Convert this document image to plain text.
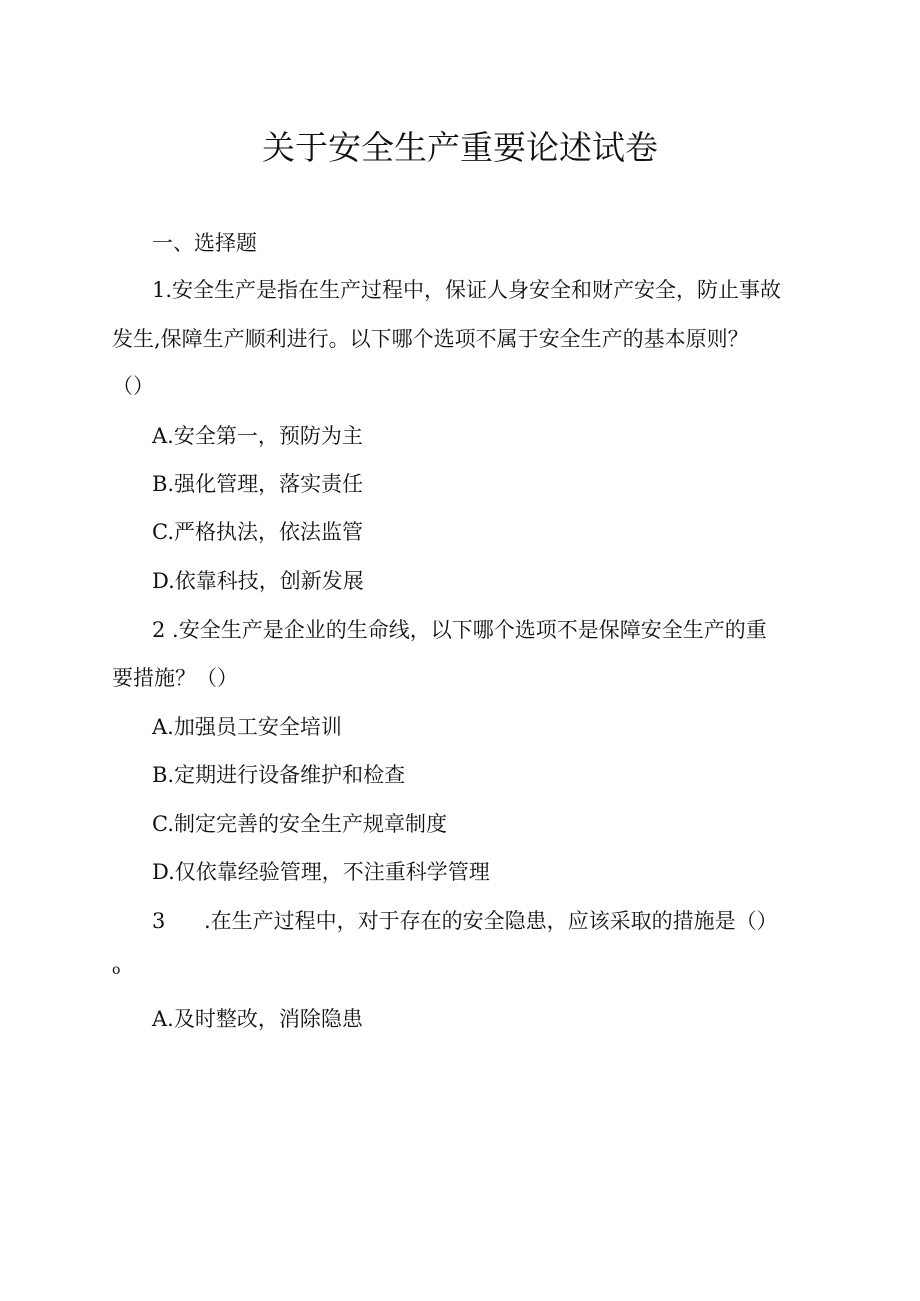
关于安全生产重要论述试卷

一、选择题

1.安全生产是指在生产过程中，保证人身安全和财产安全，防止事故

发生,保障生产顺利进行。以下哪个选项不属于安全生产的基本原则？

（）

A.安全第一，预防为主

B.强化管理，落实责任

C.严格执法，依法监管

D.依靠科技，创新发展

2 .安全生产是企业的生命线，以下哪个选项不是保障安全生产的重

要措施？（）

A.加强员工安全培训

B.定期进行设备维护和检查

C.制定完善的安全生产规章制度

D.仅依靠经验管理，不注重科学管理

3 .在生产过程中，对于存在的安全隐患，应该采取的措施是（）

o

A.及时整改，消除隐患
